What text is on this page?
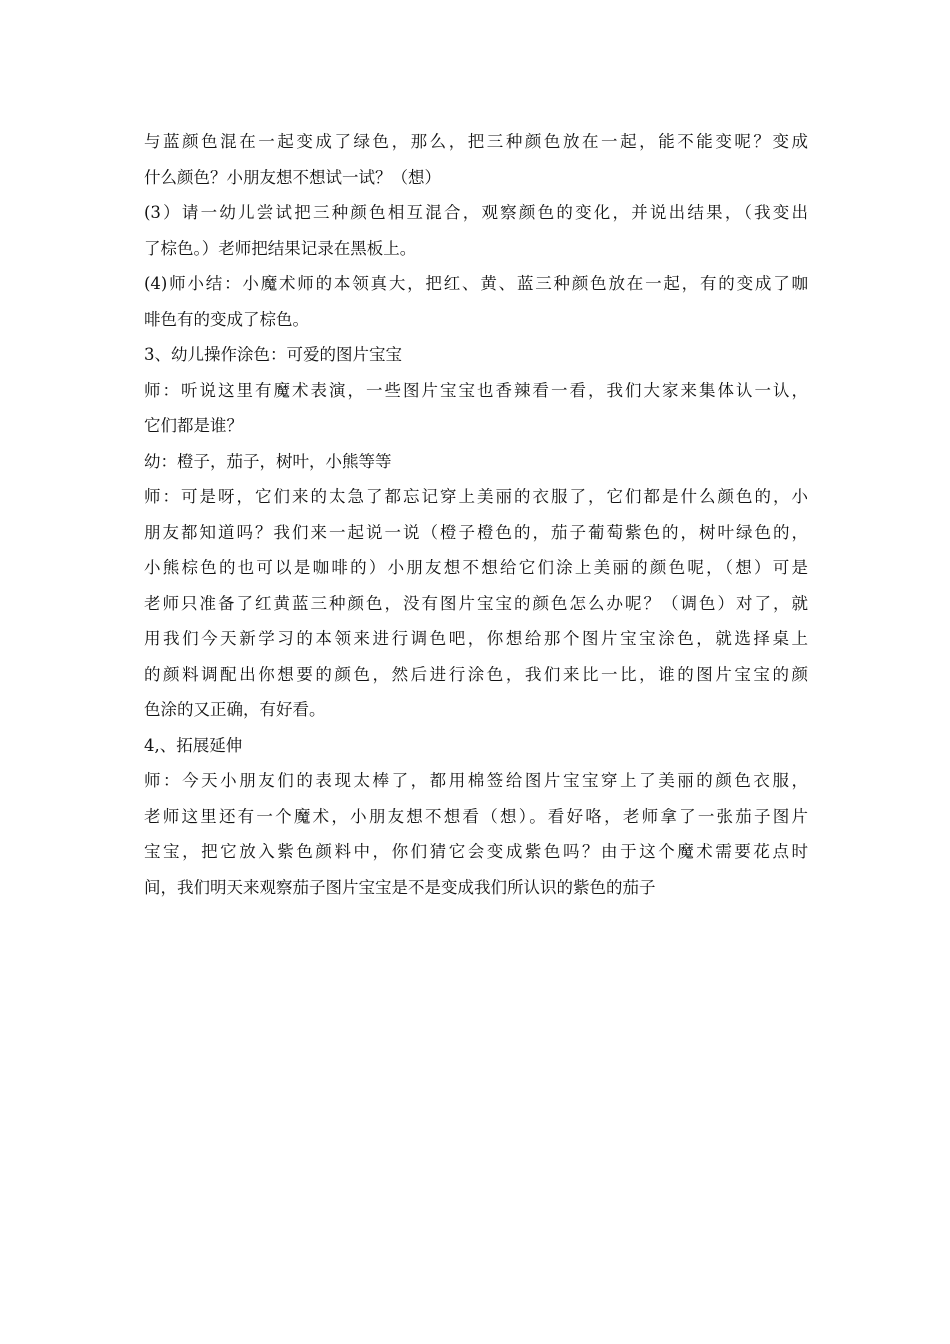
与蓝颜色混在一起变成了绿色，那么，把三种颜色放在一起，能不能变呢？变成
什么颜色？小朋友想不想试一试？（想）
(3）请一幼儿尝试把三种颜色相互混合，观察颜色的变化，并说出结果，（我变出
了棕色。）老师把结果记录在黑板上。
(4)师小结：小魔术师的本领真大，把红、黄、蓝三种颜色放在一起，有的变成了咖
啡色有的变成了棕色。
3、幼儿操作涂色：可爱的图片宝宝
师：听说这里有魔术表演，一些图片宝宝也香辣看一看，我们大家来集体认一认，
它们都是谁？
幼：橙子，茄子，树叶，小熊等等
师：可是呀，它们来的太急了都忘记穿上美丽的衣服了，它们都是什么颜色的，小
朋友都知道吗？我们来一起说一说（橙子橙色的，茄子葡萄紫色的，树叶绿色的，
小熊棕色的也可以是咖啡的）小朋友想不想给它们涂上美丽的颜色呢，（想）可是
老师只准备了红黄蓝三种颜色，没有图片宝宝的颜色怎么办呢？（调色）对了，就
用我们今天新学习的本领来进行调色吧，你想给那个图片宝宝涂色，就选择桌上
的颜料调配出你想要的颜色，然后进行涂色，我们来比一比，谁的图片宝宝的颜
色涂的又正确，有好看。
4,、拓展延伸
师：今天小朋友们的表现太棒了，都用棉签给图片宝宝穿上了美丽的颜色衣服，
老师这里还有一个魔术，小朋友想不想看（想）。看好咯，老师拿了一张茄子图片
宝宝，把它放入紫色颜料中，你们猜它会变成紫色吗？由于这个魔术需要花点时
间，我们明天来观察茄子图片宝宝是不是变成我们所认识的紫色的茄子
